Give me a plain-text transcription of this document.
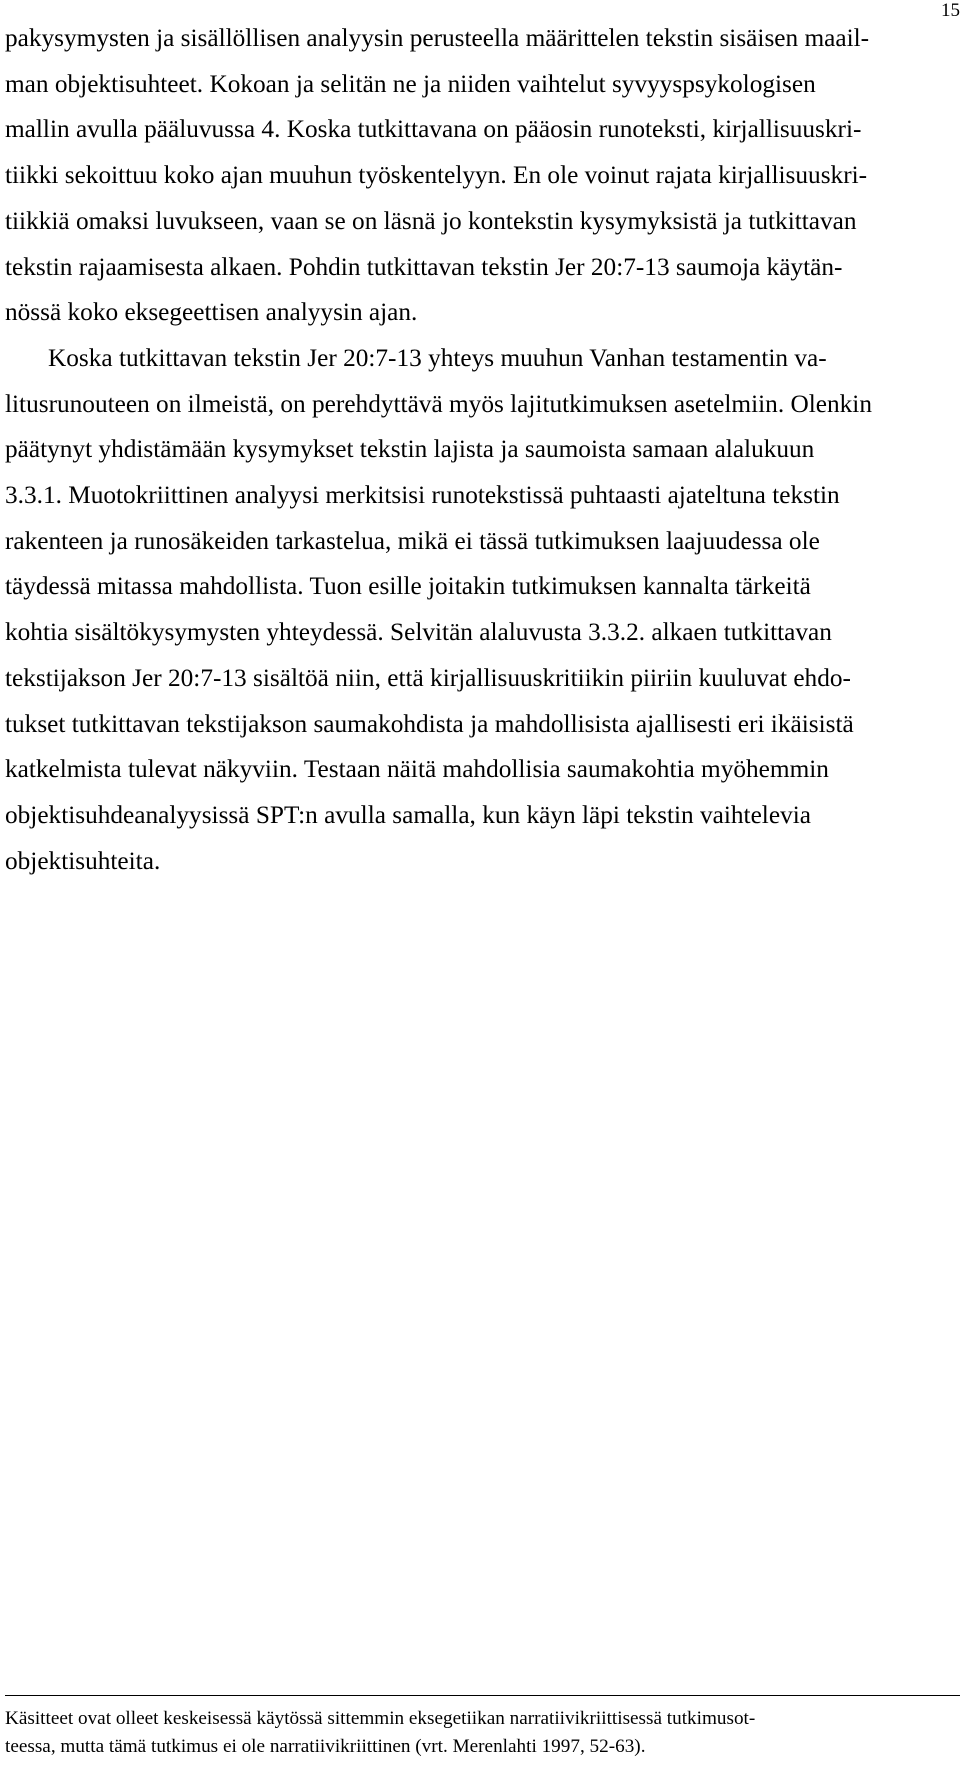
15
pakysymysten ja sisällöllisen analyysin perusteella määrittelen tekstin sisäisen maail-
man objektisuhteet. Kokoan ja selitän ne ja niiden vaihtelut syvyyspsykologisen
mallin avulla pääluvussa 4. Koska tutkittavana on pääosin runoteksti, kirjallisuuskri-
tiikki sekoittuu koko ajan muuhun työskentelyyn. En ole voinut rajata kirjallisuuskri-
tiikkiä omaksi luvukseen, vaan se on läsnä jo kontekstin kysymyksistä ja tutkittavan
tekstin rajaamisesta alkaen. Pohdin tutkittavan tekstin Jer 20:7-13 saumoja käytän-
nössä koko eksegeettisen analyysin ajan.
Koska tutkittavan tekstin Jer 20:7-13 yhteys muuhun Vanhan testamentin va-
litusrunouteen on ilmeistä, on perehdyttävä myös lajitutkimuksen asetelmiin. Olenkin
päätynyt yhdistämään kysymykset tekstin lajista ja saumoista samaan alalukuun
3.3.1. Muotokriittinen analyysi merkitsisi runotekstissä puhtaasti ajateltuna tekstin
rakenteen ja runosäkeiden tarkastelua, mikä ei tässä tutkimuksen laajuudessa ole
täydessä mitassa mahdollista. Tuon esille joitakin tutkimuksen kannalta tärkeitä
kohtia sisältökysymysten yhteydessä. Selvitän alaluvusta 3.3.2. alkaen tutkittavan
tekstijakson Jer 20:7-13 sisältöä niin, että kirjallisuuskritiikin piiriin kuuluvat ehdo-
tukset tutkittavan tekstijakson saumakohdista ja mahdollisista ajallisesti eri ikäisistä
katkelmista tulevat näkyviin. Testaan näitä mahdollisia saumakohtia myöhemmin
objektisuhdeanalyysissä SPT:n avulla samalla, kun käyn läpi tekstin vaihtelevia
objektisuhteita.
Käsitteet ovat olleet keskeisessä käytössä sittemmin eksegetiikan narratiivikriittisessä tutkimusot-
teessa, mutta tämä tutkimus ei ole narratiivikriittinen (vrt. Merenlahti 1997, 52-63).
